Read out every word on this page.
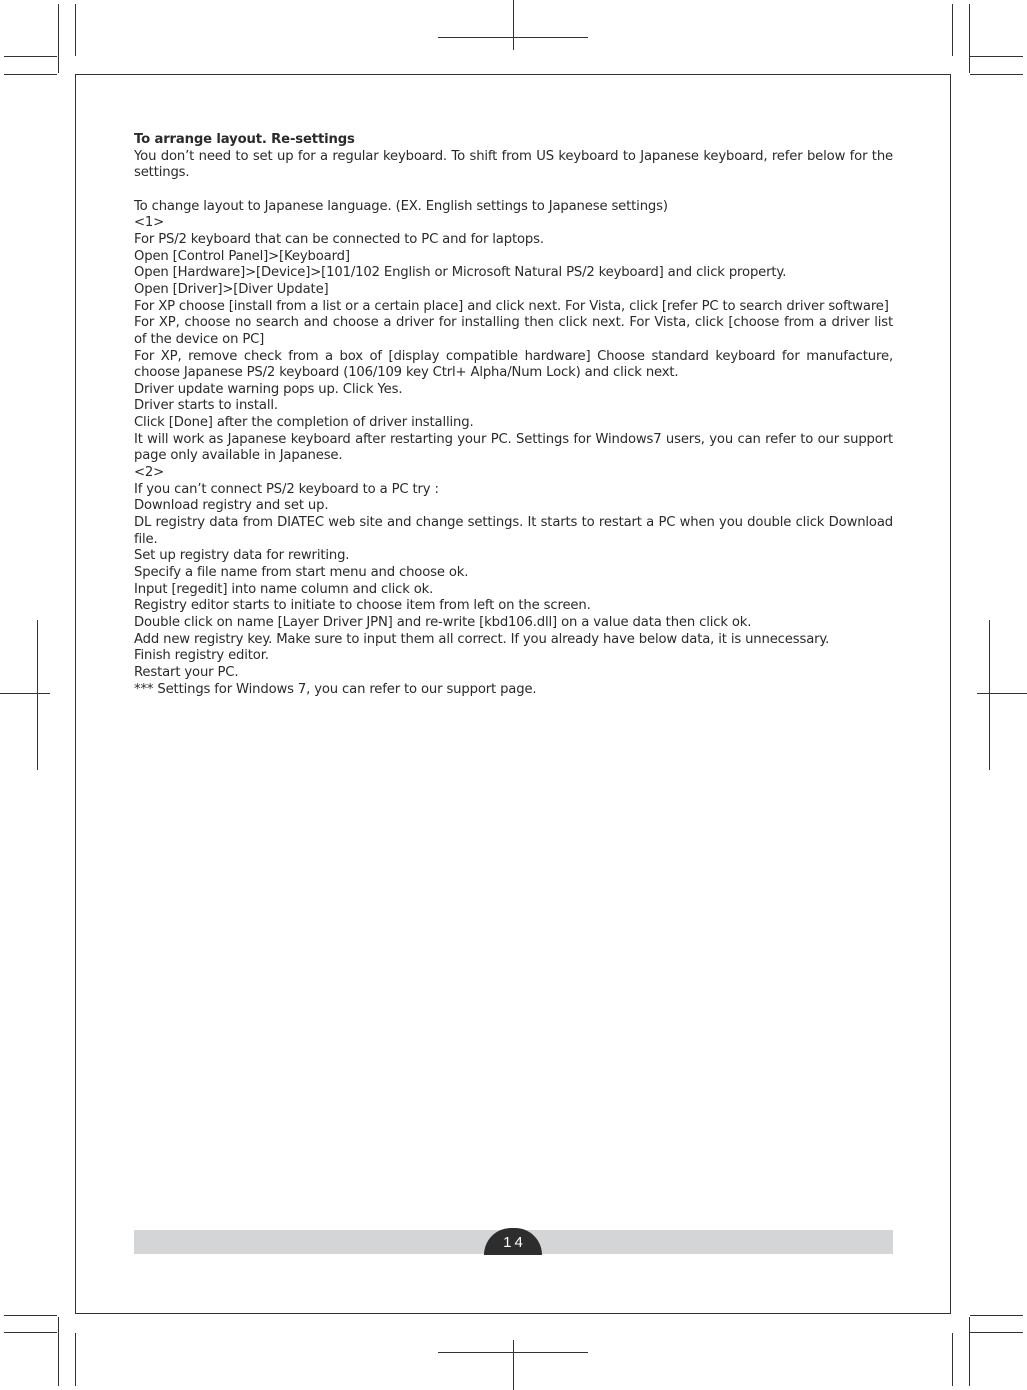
To arrange layout. Re-settings

You don’t need to set up for a regular keyboard. To shift from US keyboard to Japanese keyboard, refer below for the settings.

To change layout to Japanese language. (EX. English settings to Japanese settings)

<1>

For PS/2 keyboard that can be connected to PC and for laptops.

Open [Control Panel]>[Keyboard]

Open [Hardware]>[Device]>[101/102 English or Microsoft Natural PS/2 keyboard] and click property.

Open [Driver]>[Diver Update]

For XP choose [install from a list or a certain place] and click next. For Vista, click [refer PC to search driver software]

For XP, choose no search and choose a driver for installing then click next. For Vista, click [choose from a driver list of the device on PC]

For XP, remove check from a box of [display compatible hardware] Choose standard keyboard for manufacture, choose Japanese PS/2 keyboard (106/109 key Ctrl+ Alpha/Num Lock) and click next.

Driver update warning pops up. Click Yes.

Driver starts to install.

Click [Done] after the completion of driver installing.

It will work as Japanese keyboard after restarting your PC. Settings for Windows7 users, you can refer to our support page only available in Japanese.

<2>

If you can’t connect PS/2 keyboard to a PC try :

Download registry and set up.

DL registry data from DIATEC web site and change settings. It starts to restart a PC when you double click Download file.

Set up registry data for rewriting.

Specify a file name from start menu and choose ok.

Input [regedit] into name column and click ok.

Registry editor starts to initiate to choose item from left on the screen.

Double click on name [Layer Driver JPN] and re-write [kbd106.dll] on a value data then click ok.

Add new registry key. Make sure to input them all correct. If you already have below data, it is unnecessary.

Finish registry editor.

Restart your PC.

*** Settings for Windows 7, you can refer to our support page.

14
